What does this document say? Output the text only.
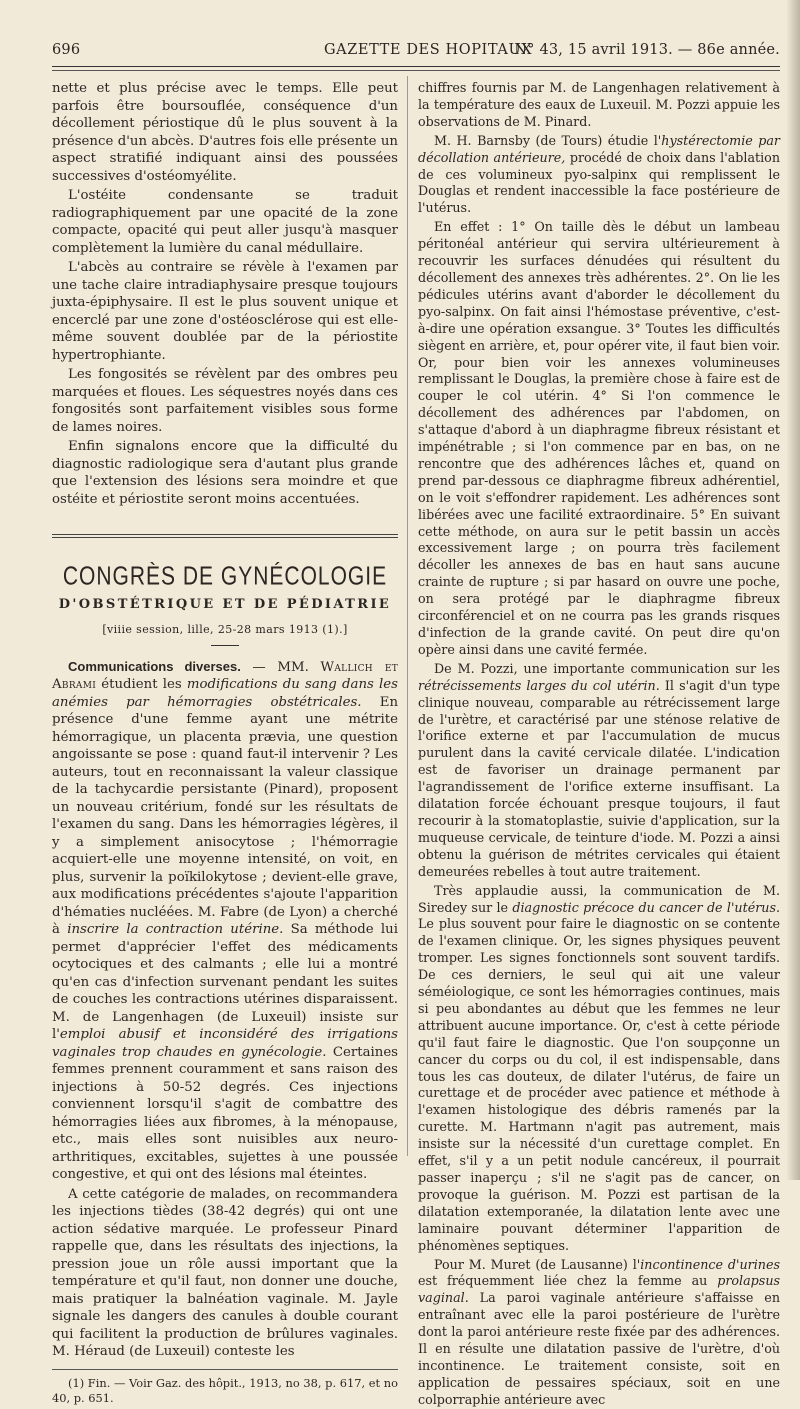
696	GAZETTE DES HOPITAUX
N° 43, 15 avril 1913. — 86e année.

nette et plus précise avec le temps. Elle peut parfois être boursouflée, conséquence d'un décollement périostique dû le plus souvent à la présence d'un abcès. D'autres fois elle présente un aspect stratifié indiquant ainsi des poussées successives d'ostéomyélite.

L'ostéite condensante se traduit radiographiquement par une opacité de la zone compacte, opacité qui peut aller jusqu'à masquer complètement la lumière du canal médullaire.

L'abcès au contraire se révèle à l'examen par une tache claire intradiaphysaire presque toujours juxta-épiphysaire. Il est le plus souvent unique et encerclé par une zone d'ostéosclérose qui est elle-même souvent doublée par de la périostite hypertrophiante.

Les fongosités se révèlent par des ombres peu marquées et floues. Les séquestres noyés dans ces fongosités sont parfaitement visibles sous forme de lames noires.

Enfin signalons encore que la difficulté du diagnostic radiologique sera d'autant plus grande que l'extension des lésions sera moindre et que ostéite et périostite seront moins accentuées.

CONGRÈS DE GYNÉCOLOGIE
D'OBSTÉTRIQUE ET DE PÉDIATRIE
[viiie session, lille, 25-28 mars 1913 (1).]

Communications diverses. — MM. Wallich et Abrami étudient les modifications du sang dans les anémies par hémorragies obstétricales. En présence d'une femme ayant une métrite hémorragique, un placenta prævia, une question angoissante se pose : quand faut-il intervenir ? Les auteurs, tout en reconnaissant la valeur classique de la tachycardie persistante (Pinard), proposent un nouveau critérium, fondé sur les résultats de l'examen du sang. Dans les hémorragies légères, il y a simplement anisocytose ; l'hémorragie acquiert-elle une moyenne intensité, on voit, en plus, survenir la poïkilokytose ; devient-elle grave, aux modifications précédentes s'ajoute l'apparition d'hématies nucléées. M. Fabre (de Lyon) a cherché à inscrire la contraction utérine. Sa méthode lui permet d'apprécier l'effet des médicaments ocytociques et des calmants ; elle lui a montré qu'en cas d'infection survenant pendant les suites de couches les contractions utérines disparaissent. M. de Langenhagen (de Luxeuil) insiste sur l'emploi abusif et inconsidéré des irrigations vaginales trop chaudes en gynécologie. Certaines femmes prennent couramment et sans raison des injections à 50-52 degrés. Ces injections conviennent lorsqu'il s'agit de combattre des hémorragies liées aux fibromes, à la ménopause, etc., mais elles sont nuisibles aux neuro-arthritiques, excitables, sujettes à une poussée congestive, et qui ont des lésions mal éteintes.

A cette catégorie de malades, on recommandera les injections tièdes (38-42 degrés) qui ont une action sédative marquée. Le professeur Pinard rappelle que, dans les résultats des injections, la pression joue un rôle aussi important que la température et qu'il faut, non donner une douche, mais pratiquer la balnéation vaginale. M. Jayle signale les dangers des canules à double courant qui facilitent la production de brûlures vaginales. M. Héraud (de Luxeuil) conteste les

(1) Fin. — Voir Gaz. des hôpit., 1913, no 38, p. 617, et no 40, p. 651.

chiffres fournis par M. de Langenhagen relativement à la température des eaux de Luxeuil. M. Pozzi appuie les observations de M. Pinard.

M. H. Barnsby (de Tours) étudie l'hystérectomie par décollation antérieure, procédé de choix dans l'ablation de ces volumineux pyo-salpinx qui remplissent le Douglas et rendent inaccessible la face postérieure de l'utérus.

En effet : 1° On taille dès le début un lambeau péritonéal antérieur qui servira ultérieurement à recouvrir les surfaces dénudées qui résultent du décollement des annexes très adhérentes. 2°. On lie les pédicules utérins avant d'aborder le décollement du pyo-salpinx. On fait ainsi l'hémostase préventive, c'est-à-dire une opération exsangue. 3° Toutes les difficultés siègent en arrière, et, pour opérer vite, il faut bien voir. Or, pour bien voir les annexes volumineuses remplissant le Douglas, la première chose à faire est de couper le col utérin. 4° Si l'on commence le décollement des adhérences par l'abdomen, on s'attaque d'abord à un diaphragme fibreux résistant et impénétrable ; si l'on commence par en bas, on ne rencontre que des adhérences lâches et, quand on prend par-dessous ce diaphragme fibreux adhérentiel, on le voit s'effondrer rapidement. Les adhérences sont libérées avec une facilité extraordinaire. 5° En suivant cette méthode, on aura sur le petit bassin un accès excessivement large ; on pourra très facilement décoller les annexes de bas en haut sans aucune crainte de rupture ; si par hasard on ouvre une poche, on sera protégé par le diaphragme fibreux circonférenciel et on ne courra pas les grands risques d'infection de la grande cavité. On peut dire qu'on opère ainsi dans une cavité fermée.

De M. Pozzi, une importante communication sur les rétrécissements larges du col utérin. Il s'agit d'un type clinique nouveau, comparable au rétrécissement large de l'urètre, et caractérisé par une sténose relative de l'orifice externe et par l'accumulation de mucus purulent dans la cavité cervicale dilatée. L'indication est de favoriser un drainage permanent par l'agrandissement de l'orifice externe insuffisant. La dilatation forcée échouant presque toujours, il faut recourir à la stomatoplastie, suivie d'application, sur la muqueuse cervicale, de teinture d'iode. M. Pozzi a ainsi obtenu la guérison de métrites cervicales qui étaient demeurées rebelles à tout autre traitement.

Très applaudie aussi, la communication de M. Siredey sur le diagnostic précoce du cancer de l'utérus. Le plus souvent pour faire le diagnostic on se contente de l'examen clinique. Or, les signes physiques peuvent tromper. Les signes fonctionnels sont souvent tardifs. De ces derniers, le seul qui ait une valeur séméiologique, ce sont les hémorragies continues, mais si peu abondantes au début que les femmes ne leur attribuent aucune importance. Or, c'est à cette période qu'il faut faire le diagnostic. Que l'on soupçonne un cancer du corps ou du col, il est indispensable, dans tous les cas douteux, de dilater l'utérus, de faire un curettage et de procéder avec patience et méthode à l'examen histologique des débris ramenés par la curette. M. Hartmann n'agit pas autrement, mais insiste sur la nécessité d'un curettage complet. En effet, s'il y a un petit nodule cancéreux, il pourrait passer inaperçu ; s'il ne s'agit pas de cancer, on provoque la guérison. M. Pozzi est partisan de la dilatation extemporanée, la dilatation lente avec une laminaire pouvant déterminer l'apparition de phénomènes septiques.

Pour M. Muret (de Lausanne) l'incontinence d'urines est fréquemment liée chez la femme au prolapsus vaginal. La paroi vaginale antérieure s'affaisse en entraînant avec elle la paroi postérieure de l'urètre dont la paroi antérieure reste fixée par des adhérences. Il en résulte une dilatation passive de l'urètre, d'où incontinence. Le traitement consiste, soit en application de pessaires spéciaux, soit en une colporraphie antérieure avec
